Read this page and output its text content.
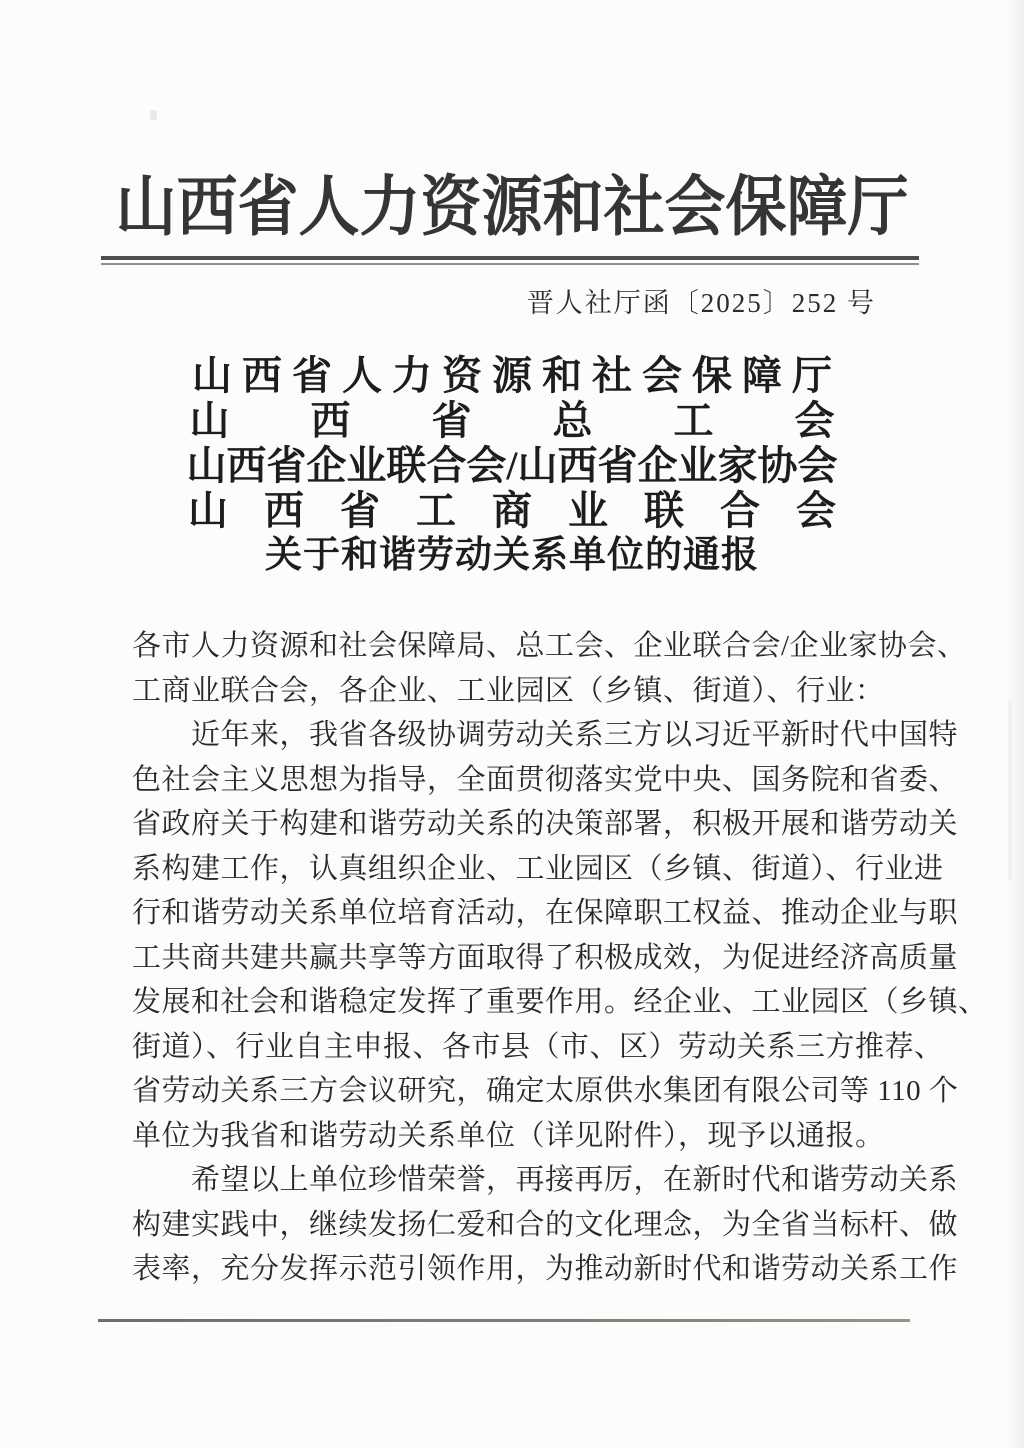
山西省人力资源和社会保障厅
晋人社厅函〔2025〕252 号
山西省人力资源和社会保障厅
山西省总工会
山西省企业联合会/山西省企业家协会
山西省工商业联合会
关于和谐劳动关系单位的通报
各市人力资源和社会保障局、总工会、企业联合会/企业家协会、
工商业联合会，各企业、工业园区（乡镇、街道）、行业：
近年来，我省各级协调劳动关系三方以习近平新时代中国特
色社会主义思想为指导，全面贯彻落实党中央、国务院和省委、
省政府关于构建和谐劳动关系的决策部署，积极开展和谐劳动关
系构建工作，认真组织企业、工业园区（乡镇、街道）、行业进
行和谐劳动关系单位培育活动，在保障职工权益、推动企业与职
工共商共建共赢共享等方面取得了积极成效，为促进经济高质量
发展和社会和谐稳定发挥了重要作用。经企业、工业园区（乡镇、
街道）、行业自主申报、各市县（市、区）劳动关系三方推荐、
省劳动关系三方会议研究，确定太原供水集团有限公司等 110 个
单位为我省和谐劳动关系单位（详见附件），现予以通报。
希望以上单位珍惜荣誉，再接再厉，在新时代和谐劳动关系
构建实践中，继续发扬仁爱和合的文化理念，为全省当标杆、做
表率，充分发挥示范引领作用，为推动新时代和谐劳动关系工作
